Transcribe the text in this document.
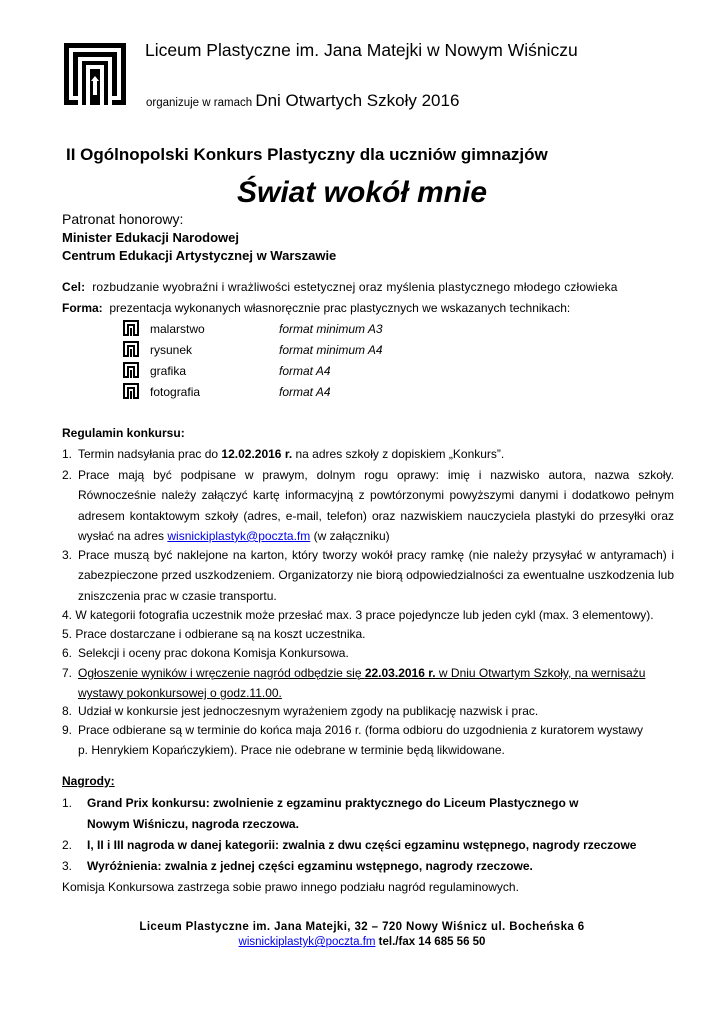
Liceum Plastyczne im. Jana Matejki w Nowym Wiśniczu
organizuje w ramach Dni Otwartych Szkoły 2016
II Ogólnopolski Konkurs Plastyczny dla uczniów gimnazjów
Świat wokół mnie
Patronat honorowy:
Minister Edukacji Narodowej
Centrum Edukacji Artystycznej w Warszawie
Cel: rozbudzanie wyobraźni i wrażliwości estetycznej oraz myślenia plastycznego młodego człowieka
Forma: prezentacja wykonanych własnoręcznie prac plastycznych we wskazanych technikach:
malarstwo	format minimum A3
rysunek	format minimum A4
grafika	format A4
fotografia	format A4
Regulamin konkursu:
1. Termin nadsyłania prac do 12.02.2016 r. na adres szkoły z dopiskiem „Konkurs”.
2. Prace mają być podpisane w prawym, dolnym rogu oprawy: imię i nazwisko autora, nazwa szkoły. Równocześnie należy załączyć kartę informacyjną z powtórzonymi powyższymi danymi i dodatkowo pełnym adresem kontaktowym szkoły (adres, e-mail, telefon) oraz nazwiskiem nauczyciela plastyki do przesyłki oraz wysłać na adres wisnickiplastyk@poczta.fm (w załączniku)
3. Prace muszą być naklejone na karton, który tworzy wokół pracy ramkę (nie należy przysyłać w antyramach) i zabezpieczone przed uszkodzeniem. Organizatorzy nie biorą odpowiedzialności za ewentualne uszkodzenia lub zniszczenia prac w czasie transportu.
4. W kategorii fotografia uczestnik może przesłać max. 3 prace pojedyncze lub jeden cykl (max. 3 elementowy).
5. Prace dostarczane i odbierane są na koszt uczestnika.
6. Selekcji i oceny prac dokona Komisja Konkursowa.
7. Ogłoszenie wyników i wręczenie nagród odbędzie się 22.03.2016 r. w Dniu Otwartym Szkoły, na wernisażu wystawy pokonkursowej o godz.11.00.
8. Udział w konkursie jest jednoczesnym wyrażeniem zgody na publikację nazwisk i prac.
9. Prace odbierane są w terminie do końca maja 2016 r. (forma odbioru do uzgodnienia z kuratorem wystawy p. Henrykiem Kopańczykiem). Prace nie odebrane w terminie będą likwidowane.
Nagrody:
1. Grand Prix konkursu: zwolnienie z egzaminu praktycznego do Liceum Plastycznego w Nowym Wiśniczu, nagroda rzeczowa.
2. I, II i III nagroda w danej kategorii: zwalnia z dwu części egzaminu wstępnego, nagrody rzeczowe
3. Wyróżnienia: zwalnia z jednej części egzaminu wstępnego, nagrody rzeczowe.
Komisja Konkursowa zastrzega sobie prawo innego podziału nagród regulaminowych.
Liceum Plastyczne im. Jana Matejki, 32 – 720 Nowy Wiśnicz ul. Bocheńska 6
wisnickiplastyk@poczta.fm tel./fax 14 685 56 50
